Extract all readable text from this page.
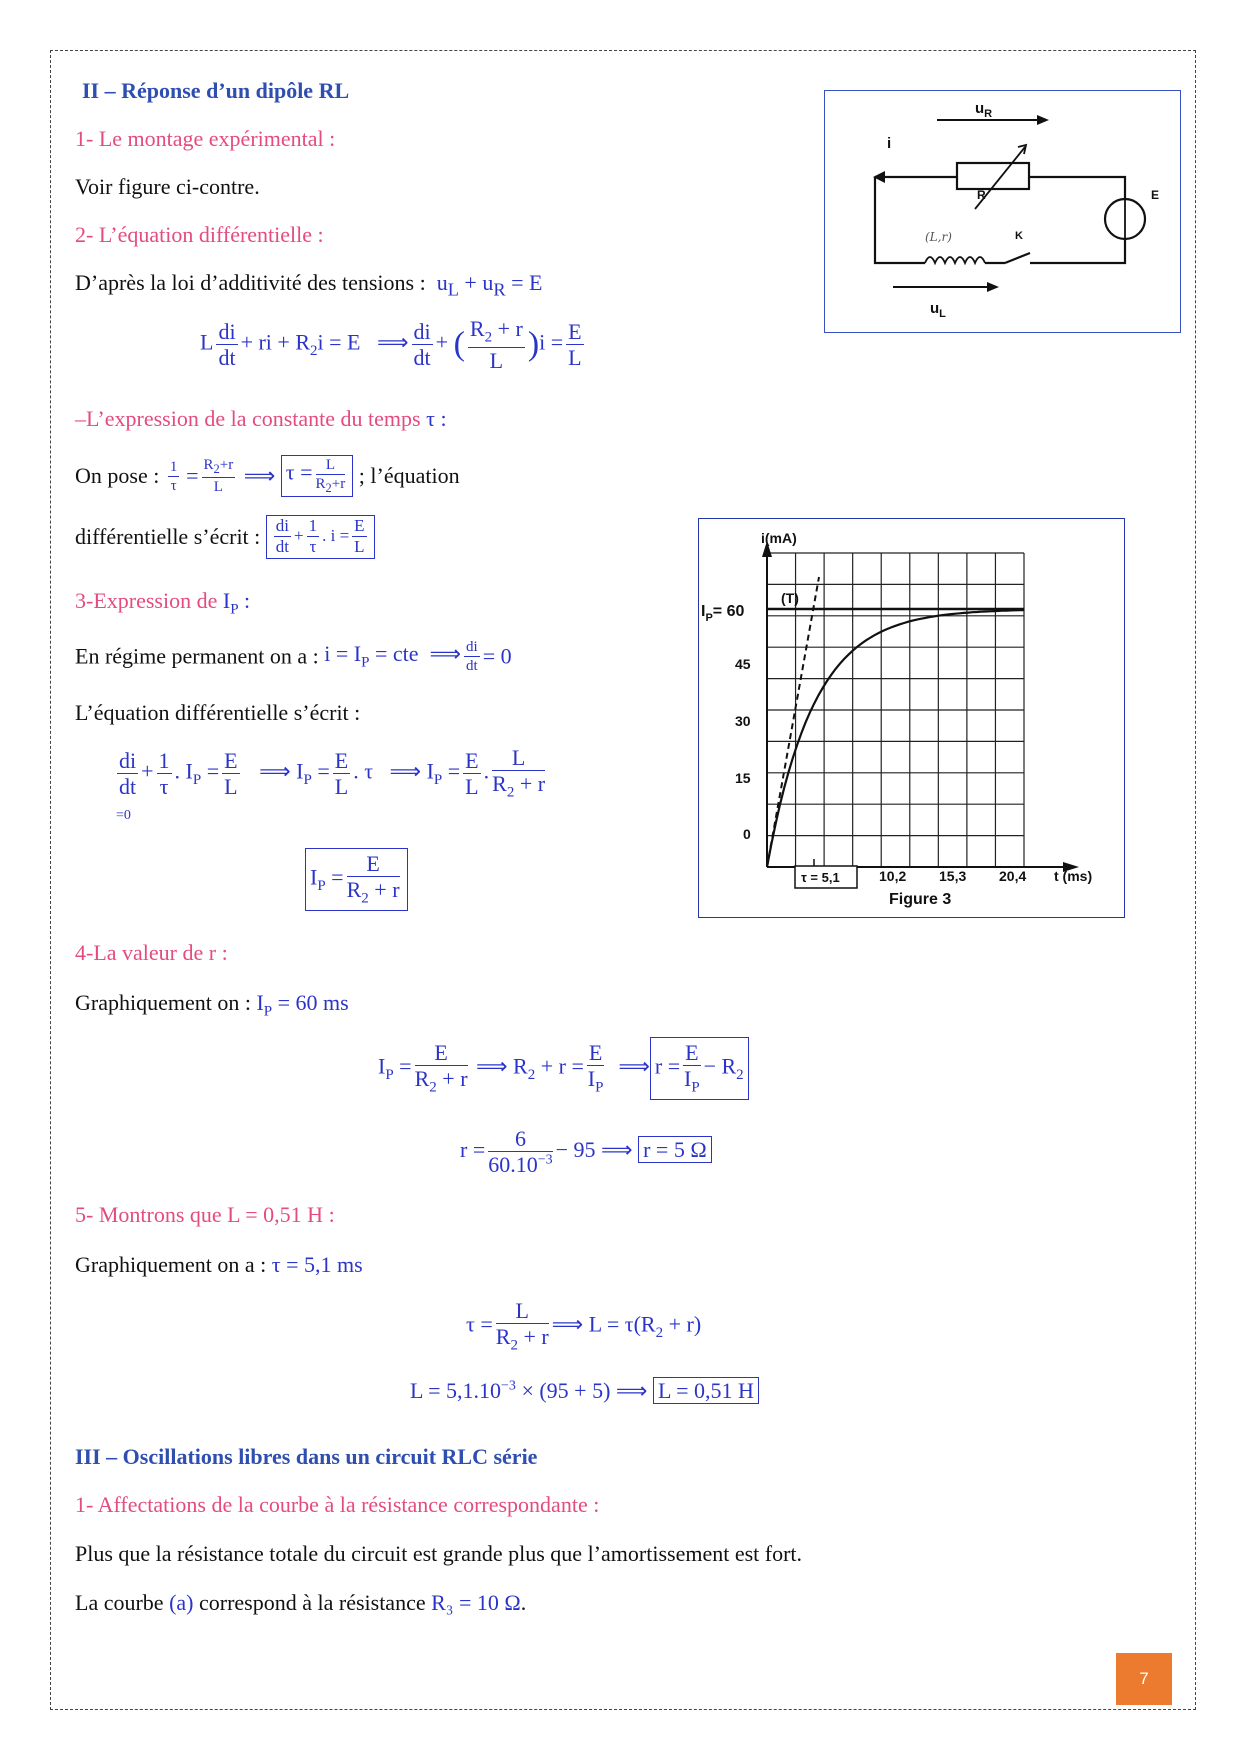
II – Réponse d’un dipôle RL
1- Le montage expérimental :
Voir figure ci-contre.
2- L’équation différentielle :
D’après la loi d’additivité des tensions :  $u_L + u_R = E$
L $\frac{di}{dt}$ + ri + $R_2i = E$   ⟹ $\frac{di}{dt}$ + ( $\frac{R_2 + r}{L} )i = \frac{E}{L}$
–L’expression de la constante du temps τ :
On pose : $\frac{1}{\tau} = \frac{R_2+r}{L}$ ⟹ $\tau = \frac{L}{R_2+r}$ ; l’équation
différentielle s’écrit : $\frac{di}{dt} + \frac{1}{\tau}$ . $i = \frac{E}{L}$
3-Expression de $I_P$ :
En régime permanent on a : $i = I_P$ = cte  ⟹ $\frac{di}{dt} = 0$
L’équation différentielle s’écrit :
$\frac{di}{dt} + \frac{1}{\tau}$ . $I_P = \frac{E}{L}$ ⟹ $I_P = \frac{E}{L}$ . τ   ⟹ $I_P = \frac{E}{L}$ . $\frac{L}{R_2 + r}$
=0
$I_P = \frac{E}{R_2 + r}$
4-La valeur de r :
Graphiquement on : $I_P = 60$ ms
$I_P = \frac{E}{R_2 + r}$ ⟹ $R_2 + r = \frac{E}{I_P}$ ⟹ $r = \frac{E}{I_P} - R_2$
$r = \frac{6}{60.10^{-3}} - 95$ ⟹ r = 5 Ω
5- Montrons que L = 0,51 H :
Graphiquement on a : τ = 5,1 ms
$\tau = \frac{L}{R_2 + r}$ ⟹ $L = \tau(R_2 + r)$
$L = 5,1.10^{-3} \times (95 + 5)$ ⟹ L = 0,51 H
III – Oscillations libres dans un circuit RLC série
1- Affectations de la courbe à la résistance correspondante :
Plus que la résistance totale du circuit est grande plus que l’amortissement est fort.
La courbe (a) correspond à la résistance R₃ = 10 Ω.
$u_R$
i
R	E
K
$u_L$
(L,r)
i(mA)
$I_P= 60$
(T)
45
30
15
0
10,2 15,3 20,4 t (ms)
Figure 3
τ = 5,1
7
